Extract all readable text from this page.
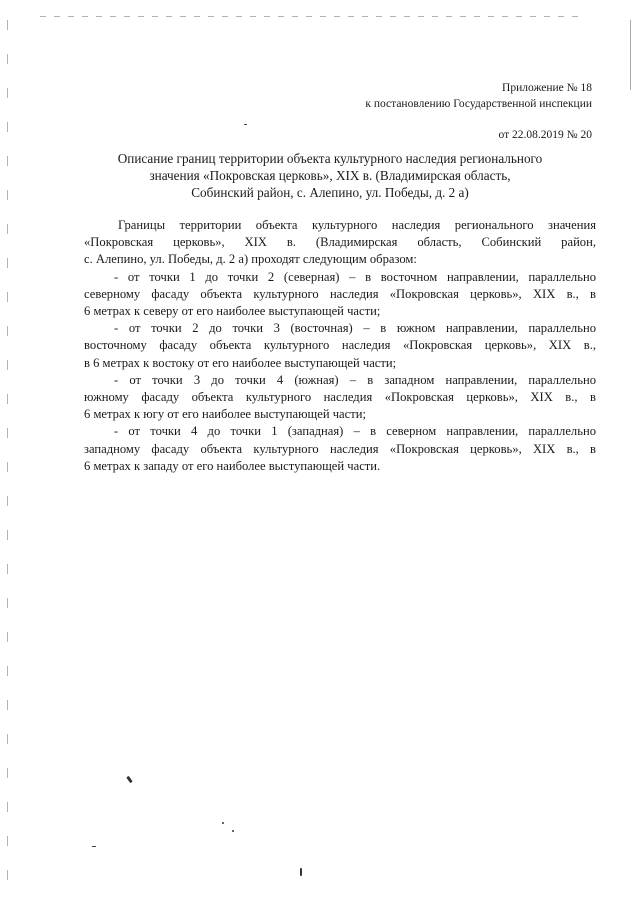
Приложение № 18
к постановлению Государственной инспекции
от 22.08.2019 № 20
Описание границ территории объекта культурного наследия регионального
значения «Покровская церковь», XIX в. (Владимирская область,
Собинский район, с. Алепино, ул. Победы, д. 2 а)
Границы территории объекта культурного наследия регионального значения
«Покровская церковь», XIX в. (Владимирская область, Собинский район,
с. Алепино, ул. Победы, д. 2 а) проходят следующим образом:
- от точки 1 до точки 2 (северная) – в восточном направлении, параллельно
северному фасаду объекта культурного наследия «Покровская церковь», XIX в., в
6 метрах к северу от его наиболее выступающей части;
- от точки 2 до точки 3 (восточная) – в южном направлении, параллельно
восточному фасаду объекта культурного наследия «Покровская церковь», XIX в.,
в 6 метрах к востоку от его наиболее выступающей части;
- от точки 3 до точки 4 (южная) – в западном направлении, параллельно
южному фасаду объекта культурного наследия «Покровская церковь», XIX в., в
6 метрах к югу от его наиболее выступающей части;
- от точки 4 до точки 1 (западная) – в северном направлении, параллельно
западному фасаду объекта культурного наследия «Покровская церковь», XIX в., в
6 метрах к западу от его наиболее выступающей части.
